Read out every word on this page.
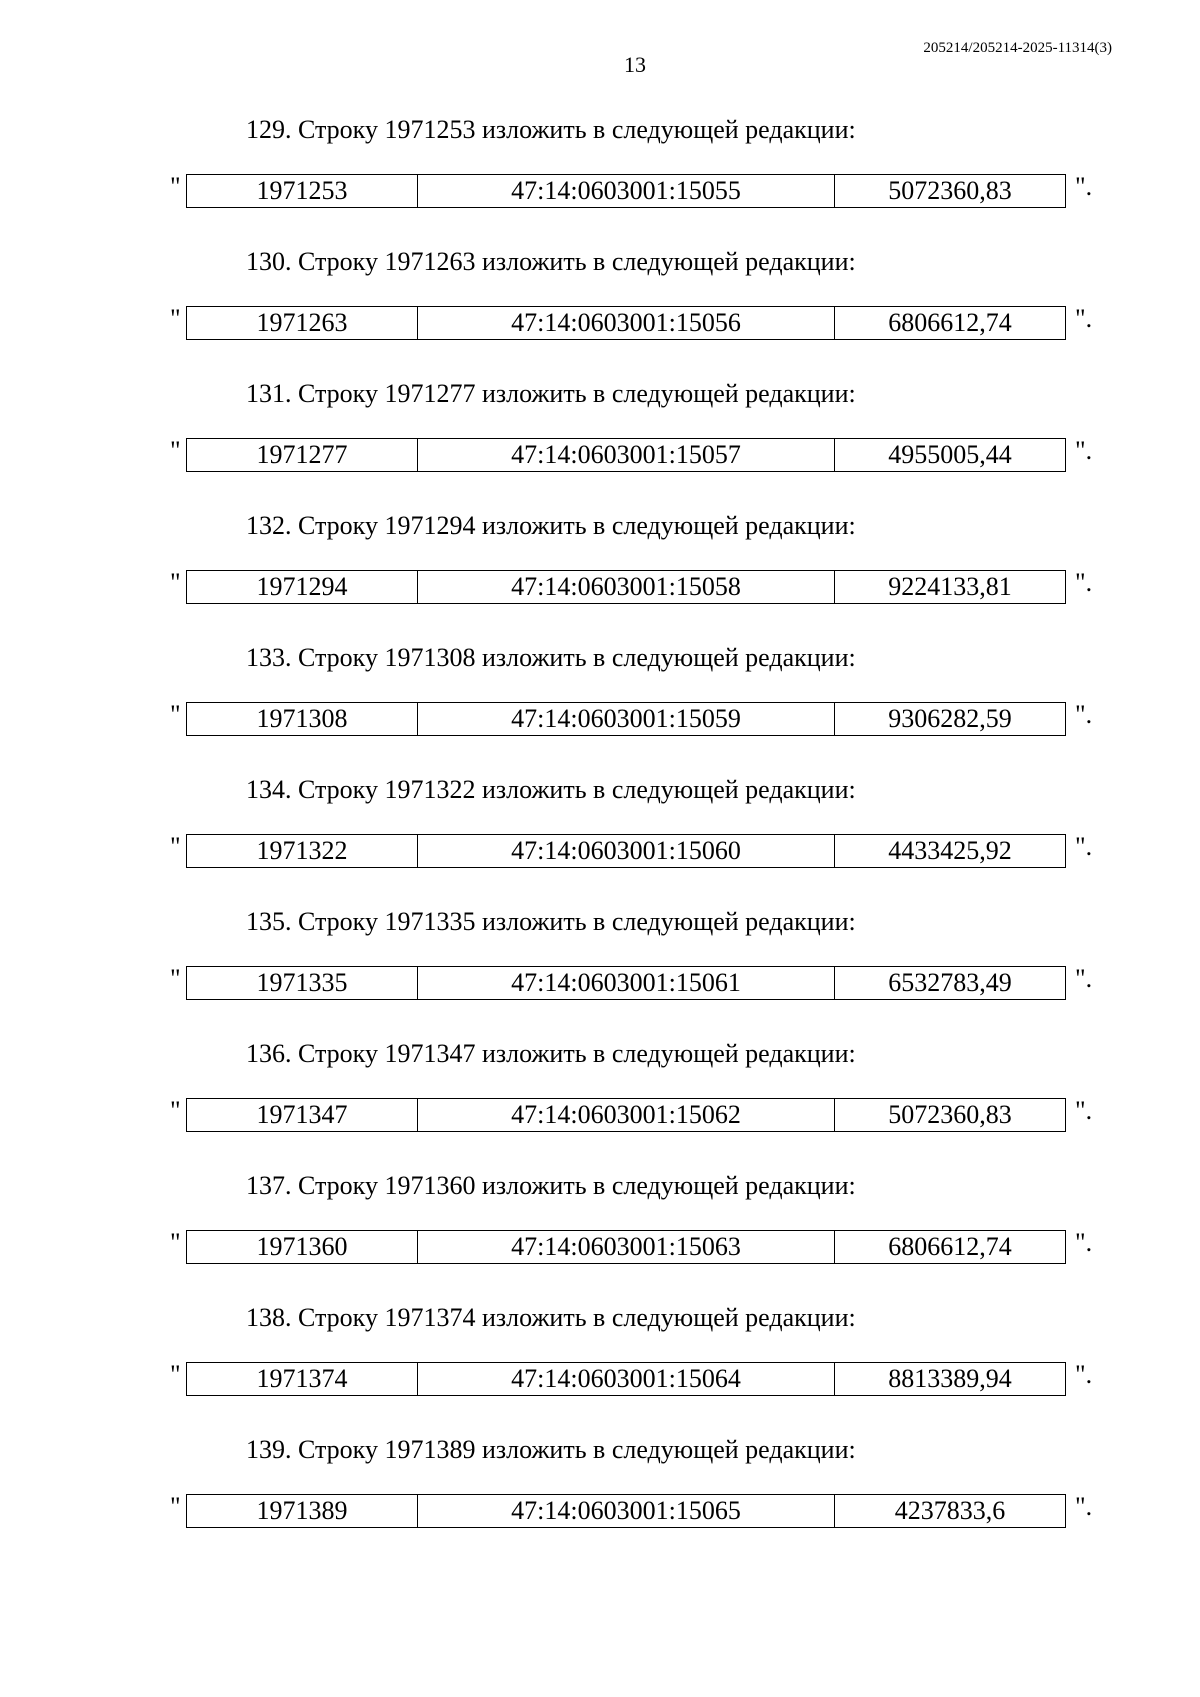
13
205214/205214-2025-11314(3)
129. Строку 1971253 изложить в следующей редакции:
"	1971253	47:14:0603001:15055	5072360,83	".
130. Строку 1971263 изложить в следующей редакции:
"	1971263	47:14:0603001:15056	6806612,74	".
131. Строку 1971277 изложить в следующей редакции:
"	1971277	47:14:0603001:15057	4955005,44	".
132. Строку 1971294 изложить в следующей редакции:
"	1971294	47:14:0603001:15058	9224133,81	".
133. Строку 1971308 изложить в следующей редакции:
"	1971308	47:14:0603001:15059	9306282,59	".
134. Строку 1971322 изложить в следующей редакции:
"	1971322	47:14:0603001:15060	4433425,92	".
135. Строку 1971335 изложить в следующей редакции:
"	1971335	47:14:0603001:15061	6532783,49	".
136. Строку 1971347 изложить в следующей редакции:
"	1971347	47:14:0603001:15062	5072360,83	".
137. Строку 1971360 изложить в следующей редакции:
"	1971360	47:14:0603001:15063	6806612,74	".
138. Строку 1971374 изложить в следующей редакции:
"	1971374	47:14:0603001:15064	8813389,94	".
139. Строку 1971389 изложить в следующей редакции:
"	1971389	47:14:0603001:15065	4237833,6	".
